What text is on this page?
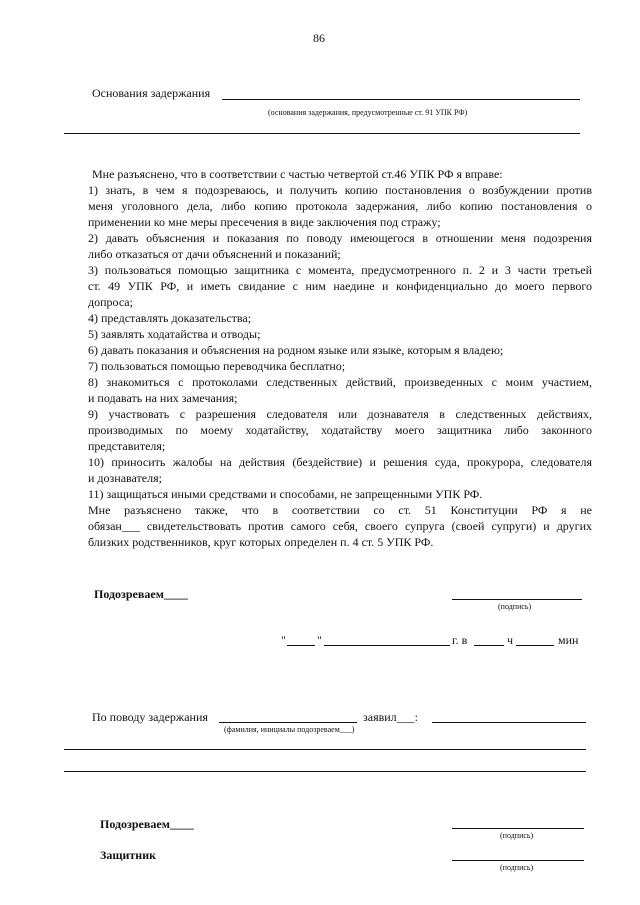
86
Основания задержания
(основания задержания, предусмотренные ст. 91 УПК РФ)
Мне разъяснено, что в соответствии с частью четвертой ст.46 УПК РФ я вправе:
1) знать, в чем я подозреваюсь, и получить копию постановления о возбуждении против
меня уголовного дела, либо копию протокола задержания, либо копию постановления о
применении ко мне меры пресечения в виде заключения под стражу;
2) давать объяснения и показания по поводу имеющегося в отношении меня подозрения
либо отказаться от дачи объяснений и показаний;
3) пользоваться помощью защитника с момента, предусмотренного п. 2 и 3 части третьей
ст. 49 УПК РФ, и иметь свидание с ним наедине и конфиденциально до моего первого
допроса;
4) представлять доказательства;
5) заявлять ходатайства и отводы;
6) давать показания и объяснения на родном языке или языке, которым я владею;
7) пользоваться помощью переводчика бесплатно;
8) знакомиться с протоколами следственных действий, произведенных с моим участием,
и подавать на них замечания;
9) участвовать с разрешения следователя или дознавателя в следственных действиях,
производимых по моему ходатайству, ходатайству моего защитника либо законного
представителя;
10) приносить жалобы на действия (бездействие) и решения суда, прокурора, следователя
и дознавателя;
11) защищаться иными средствами и способами, не запрещенными УПК РФ.
Мне разъяснено также, что в соответствии со ст. 51 Конституции РФ я не
обязан___ свидетельствовать против самого себя, своего супруга (своей супруги) и других
близких родственников, круг которых определен п. 4 ст. 5 УПК РФ.
Подозреваем____
(подпись)
"	"	г. в	ч	мин
По поводу задержания	заявил___:
(фамилия, инициалы подозреваем___)
Подозреваем____
(подпись)
Защитник
(подпись)
